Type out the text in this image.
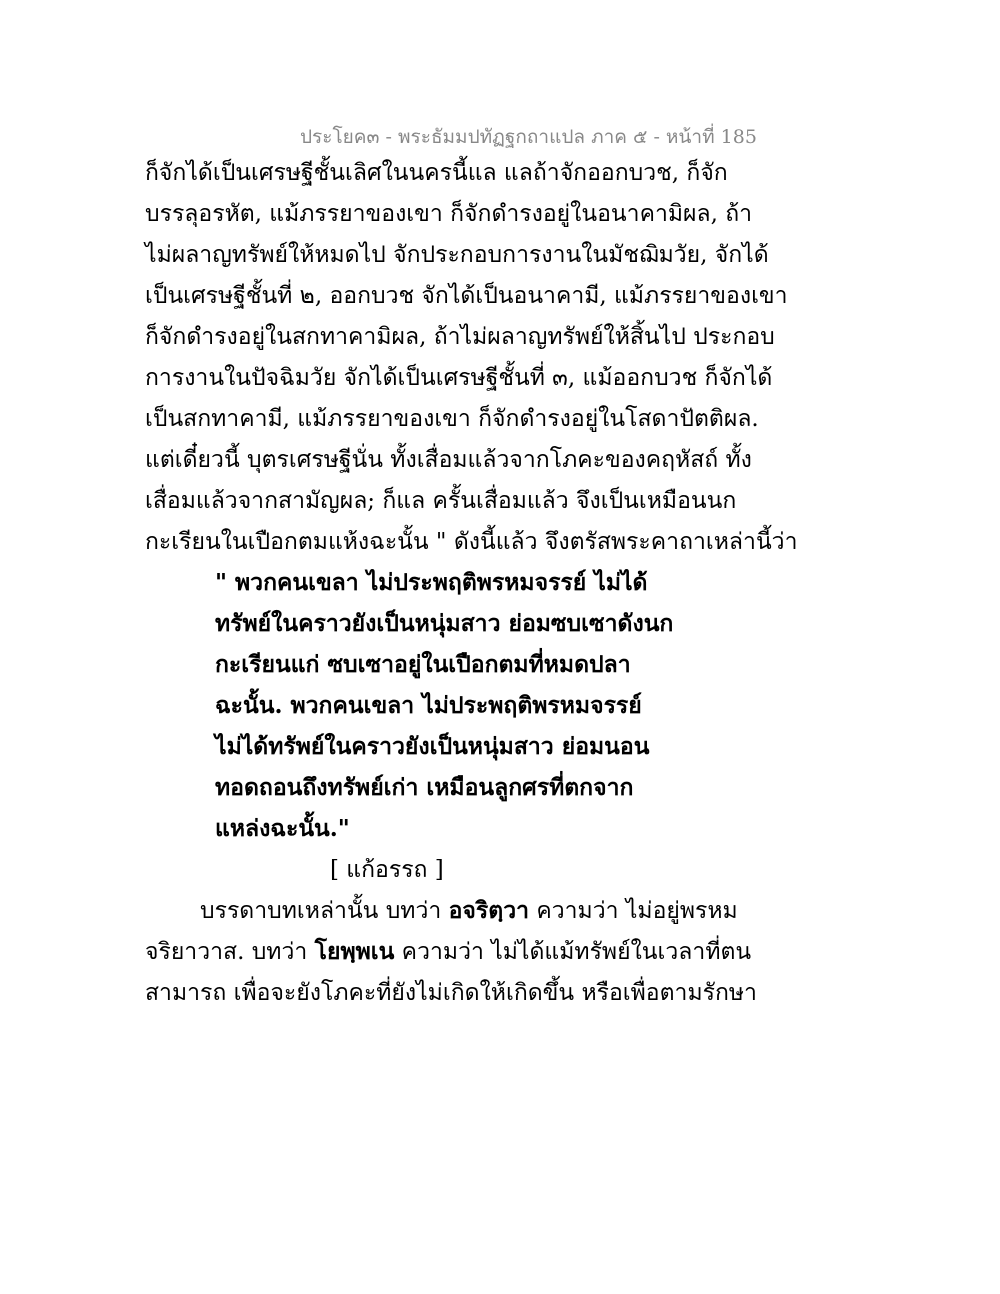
ประโยค๓ - พระธัมมปทัฏฐกถาแปล ภาค ๕ - หน้าที่ 185
ก็จักได้เป็นเศรษฐีชั้นเลิศในนครนี้แล แลถ้าจักออกบวช, ก็จัก
บรรลุอรหัต, แม้ภรรยาของเขา ก็จักดำรงอยู่ในอนาคามิผล, ถ้า
ไม่ผลาญทรัพย์ให้หมดไป จักประกอบการงานในมัชฌิมวัย, จักได้
เป็นเศรษฐีชั้นที่ ๒, ออกบวช จักได้เป็นอนาคามี, แม้ภรรยาของเขา
ก็จักดำรงอยู่ในสกทาคามิผล, ถ้าไม่ผลาญทรัพย์ให้สิ้นไป ประกอบ
การงานในปัจฉิมวัย จักได้เป็นเศรษฐีชั้นที่ ๓, แม้ออกบวช ก็จักได้
เป็นสกทาคามี, แม้ภรรยาของเขา ก็จักดำรงอยู่ในโสดาปัตติผล.
แต่เดี๋ยวนี้ บุตรเศรษฐีนั่น ทั้งเสื่อมแล้วจากโภคะของคฤหัสถ์ ทั้ง
เสื่อมแล้วจากสามัญผล; ก็แล ครั้นเสื่อมแล้ว จึงเป็นเหมือนนก
กะเรียนในเปือกตมแห้งฉะนั้น " ดังนี้แล้ว จึงตรัสพระคาถาเหล่านี้ว่า
" พวกคนเขลา ไม่ประพฤติพรหมจรรย์ ไม่ได้
ทรัพย์ในคราวยังเป็นหนุ่มสาว ย่อมซบเซาดังนก
กะเรียนแก่ ซบเซาอยู่ในเปือกตมที่หมดปลา
ฉะนั้น. พวกคนเขลา ไม่ประพฤติพรหมจรรย์
ไม่ได้ทรัพย์ในคราวยังเป็นหนุ่มสาว ย่อมนอน
ทอดถอนถึงทรัพย์เก่า เหมือนลูกศรที่ตกจาก
แหล่งฉะนั้น."
[ แก้อรรถ ]
บรรดาบทเหล่านั้น บทว่า อจริตฺวา ความว่า ไม่อยู่พรหม
จริยาวาส. บทว่า โยพฺพเน ความว่า ไม่ได้แม้ทรัพย์ในเวลาที่ตน
สามารถ เพื่อจะยังโภคะที่ยังไม่เกิดให้เกิดขึ้น หรือเพื่อตามรักษา
